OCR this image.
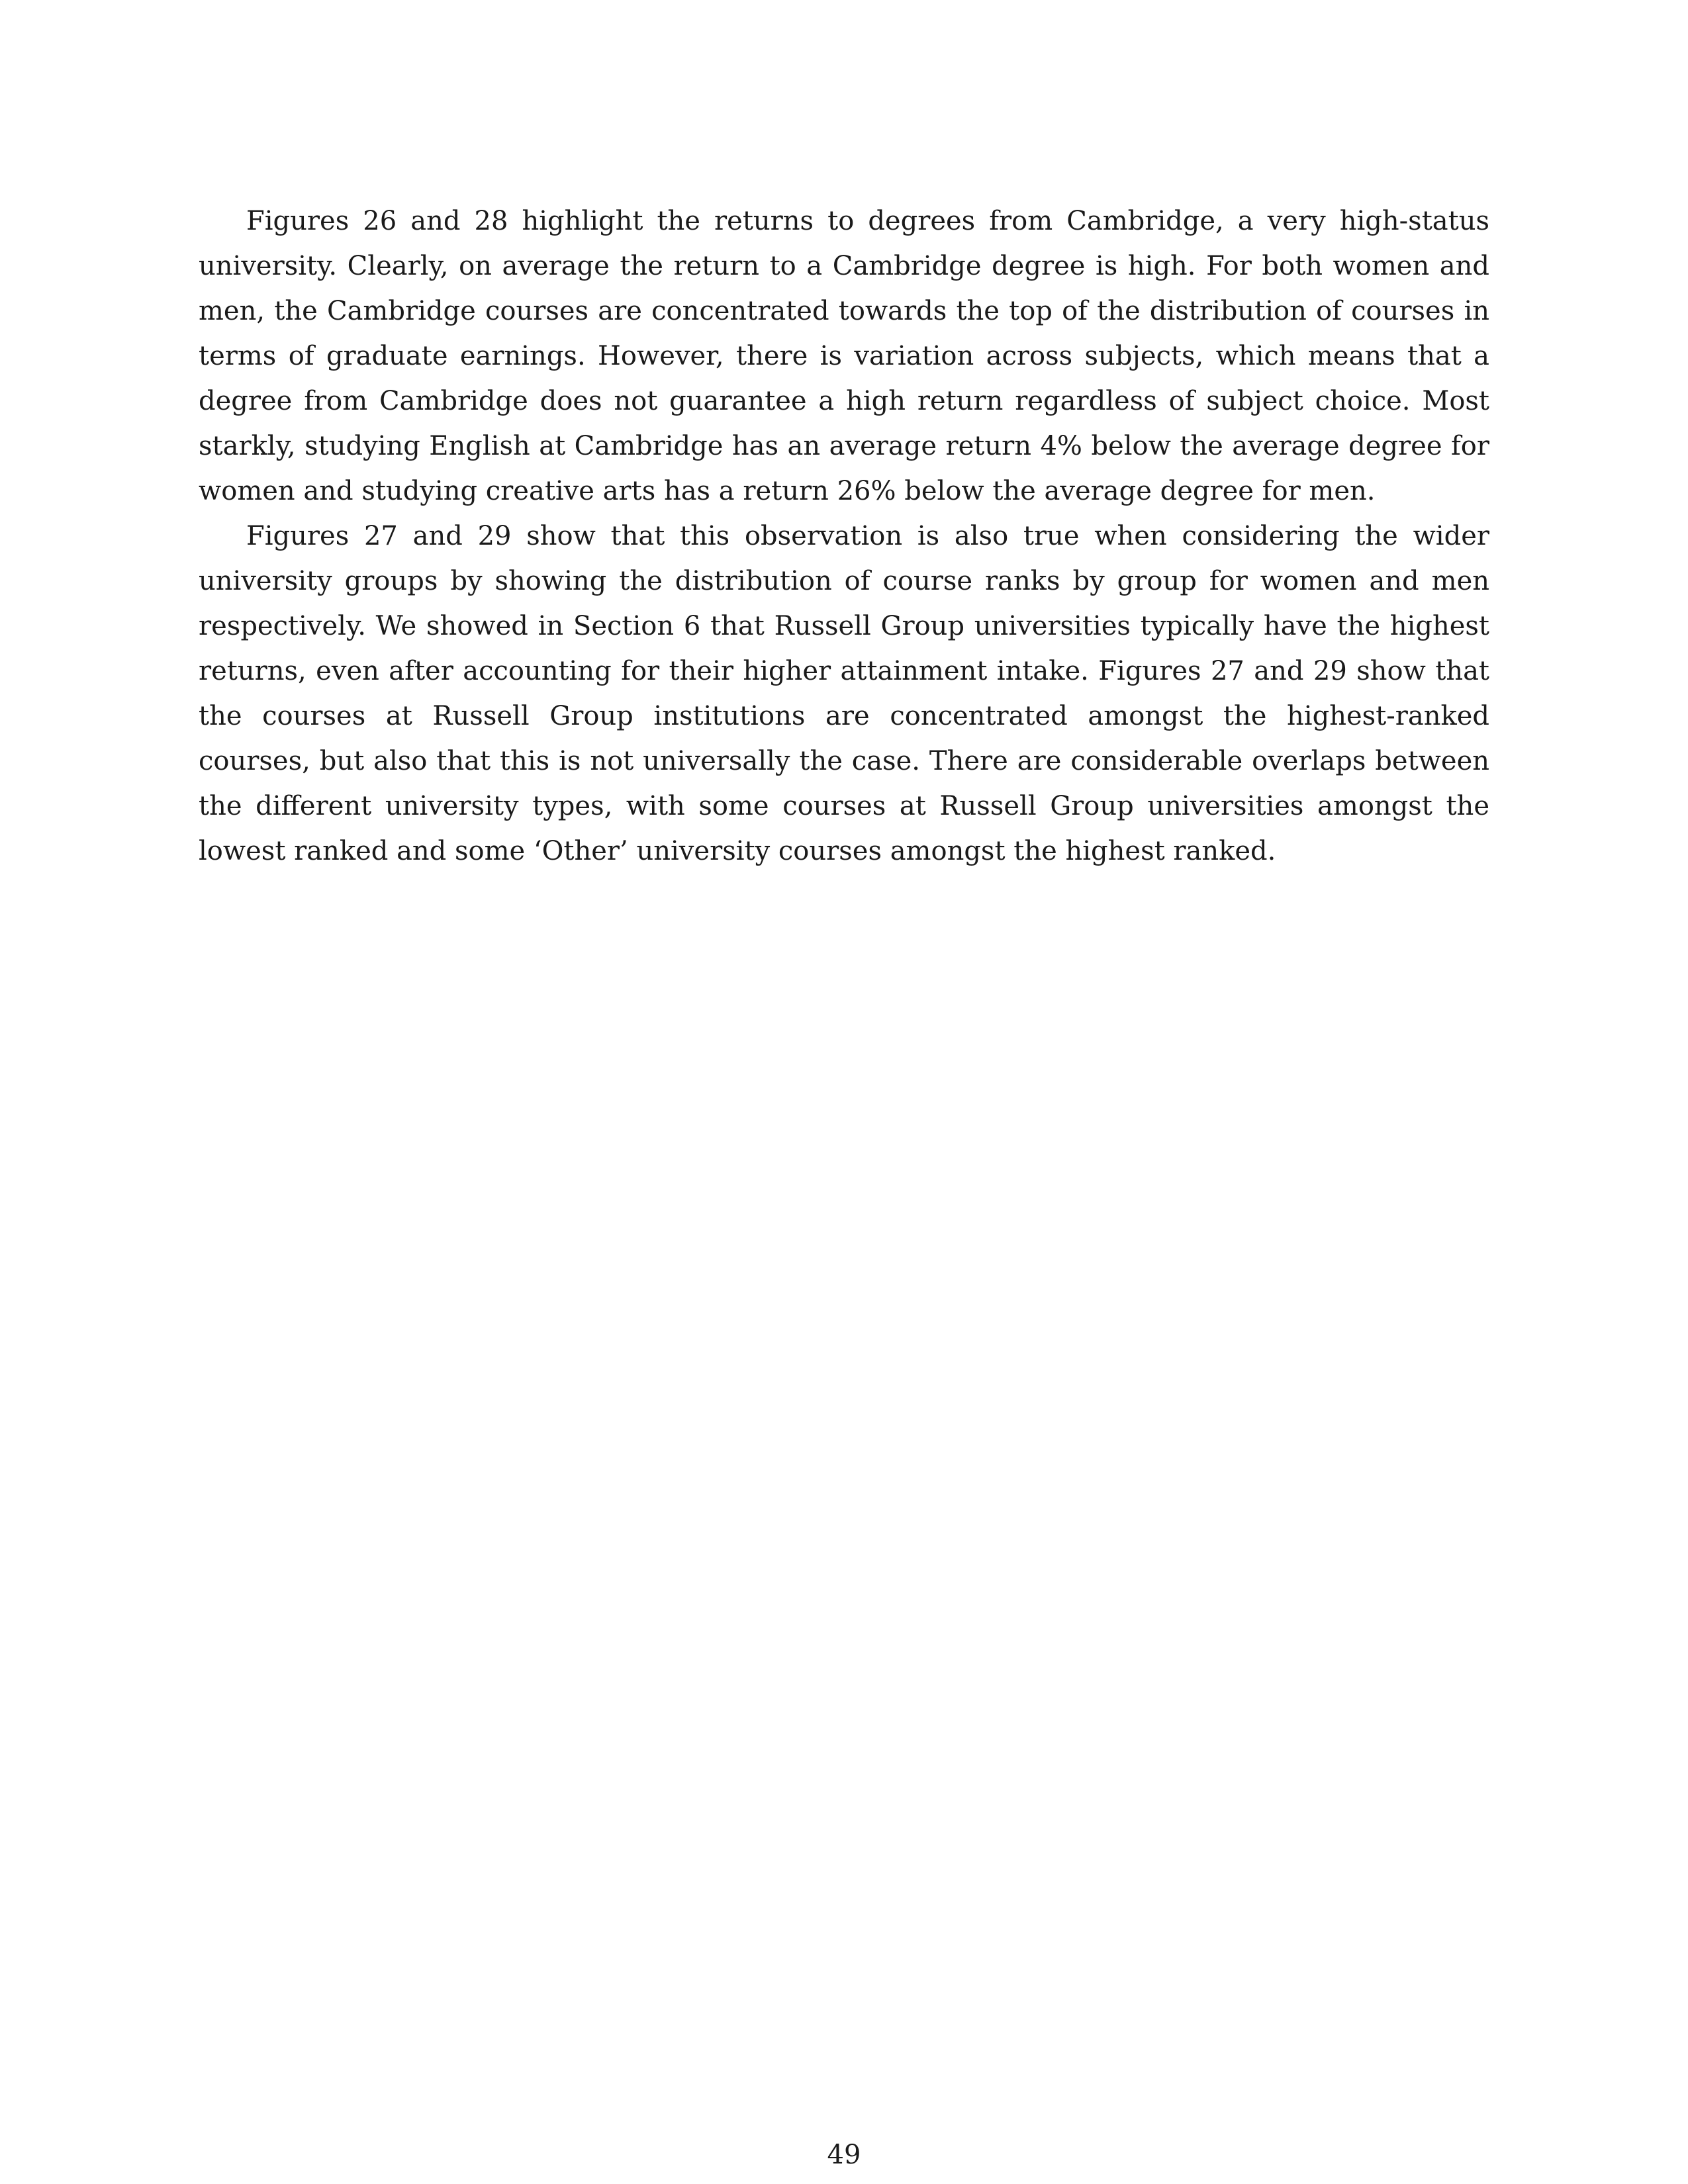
Figures 26 and 28 highlight the returns to degrees from Cambridge, a very high-status university. Clearly, on average the return to a Cambridge degree is high. For both women and men, the Cambridge courses are concentrated towards the top of the distribution of courses in terms of graduate earnings. However, there is variation across subjects, which means that a degree from Cambridge does not guarantee a high return regardless of subject choice. Most starkly, studying English at Cambridge has an average return 4% below the average degree for women and studying creative arts has a return 26% below the average degree for men.

Figures 27 and 29 show that this observation is also true when considering the wider university groups by showing the distribution of course ranks by group for women and men respectively. We showed in Section 6 that Russell Group universities typically have the highest returns, even after accounting for their higher attainment intake. Figures 27 and 29 show that the courses at Russell Group institutions are concentrated amongst the highest-ranked courses, but also that this is not universally the case. There are considerable overlaps between the different university types, with some courses at Russell Group universities amongst the lowest ranked and some ‘Other’ university courses amongst the highest ranked.

49
